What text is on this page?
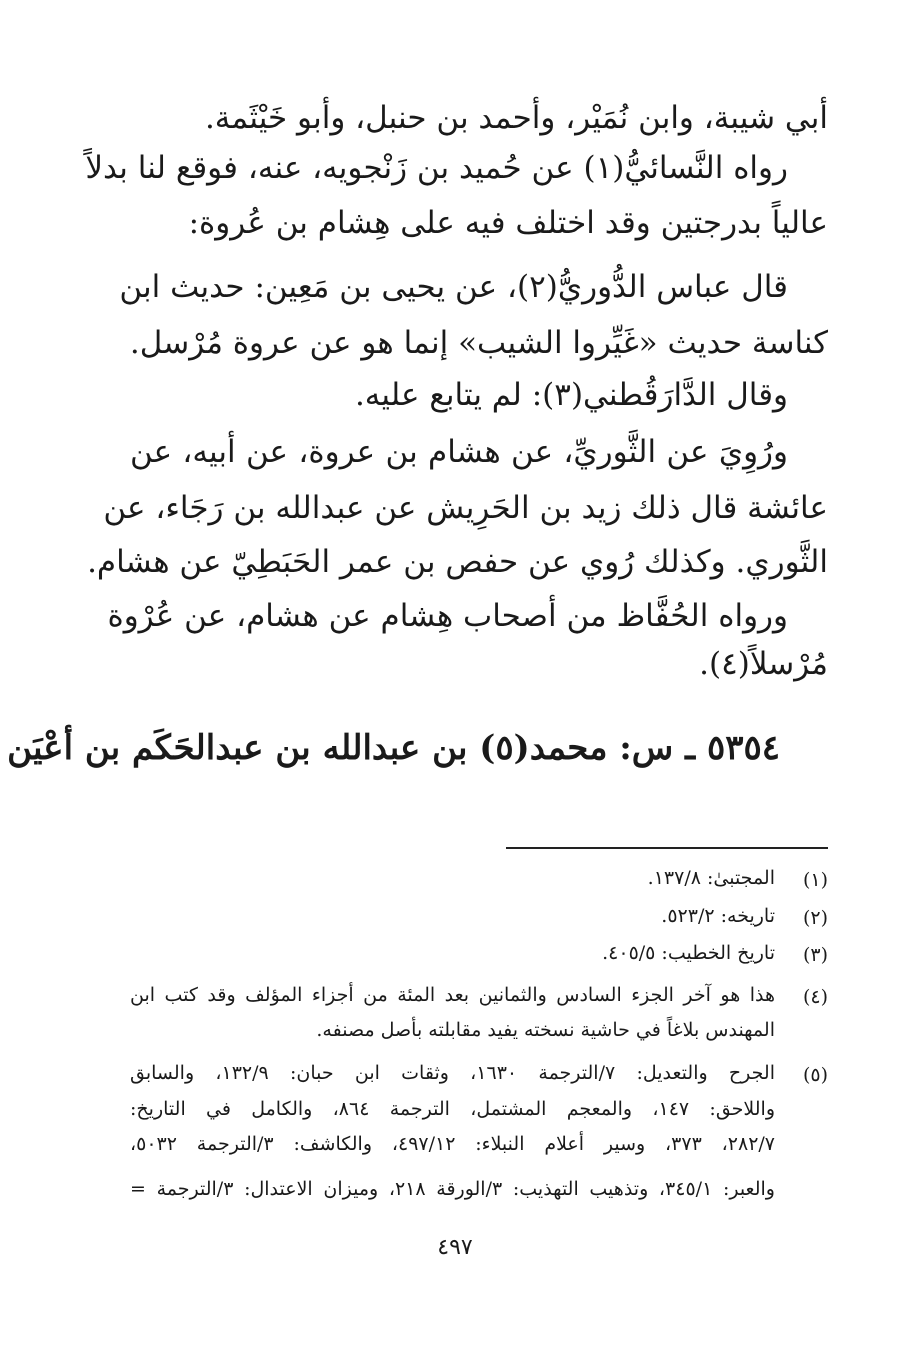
أبي شيبة، وابن نُمَيْر، وأحمد بن حنبل، وأبو خَيْثَمة.
رواه النَّسائيُّ(١) عن حُميد بن زَنْجويه، عنه، فوقع لنا بدلاً
عالياً بدرجتين وقد اختلف فيه على هِشام بن عُروة:
قال عباس الدُّوريُّ(٢)، عن يحيى بن مَعِين: حديث ابن
كناسة حديث «غَيِّروا الشيب» إنما هو عن عروة مُرْسل.
وقال الدَّارَقُطني(٣): لم يتابع عليه.
ورُوِيَ عن الثَّوريِّ، عن هشام بن عروة، عن أبيه، عن
عائشة قال ذلك زيد بن الحَرِيش عن عبدالله بن رَجَاء، عن
الثَّوري. وكذلك رُوي عن حفص بن عمر الحَبَطِيّ عن هشام.
ورواه الحُفَّاظ من أصحاب هِشام عن هشام، عن عُرْوة
مُرْسلاً(٤).
٥٣٥٤ ـ س: محمد(٥) بن عبدالله بن عبدالحَكَم بن أعْيَن
(١)
المجتبىٰ: ١٣٧/٨.
(٢)
تاريخه: ٥٢٣/٢.
(٣)
تاريخ الخطيب: ٤٠٥/٥.
(٤)
هذا هو آخر الجزء السادس والثمانين بعد المئة من أجزاء المؤلف وقد كتب ابن
المهندس بلاغاً في حاشية نسخته يفيد مقابلته بأصل مصنفه.
(٥)
الجرح والتعديل: ٧/الترجمة ١٦٣٠، وثقات ابن حبان: ١٣٢/٩، والسابق
واللاحق: ١٤٧، والمعجم المشتمل، الترجمة ٨٦٤، والكامل في التاريخ:
٢٨٢/٧، ٣٧٣، وسير أعلام النبلاء: ٤٩٧/١٢، والكاشف: ٣/الترجمة ٥٠٣٢،
والعبر: ٣٤٥/١، وتذهيب التهذيب: ٣/الورقة ٢١٨، وميزان الاعتدال: ٣/الترجمة =
٤٩٧
